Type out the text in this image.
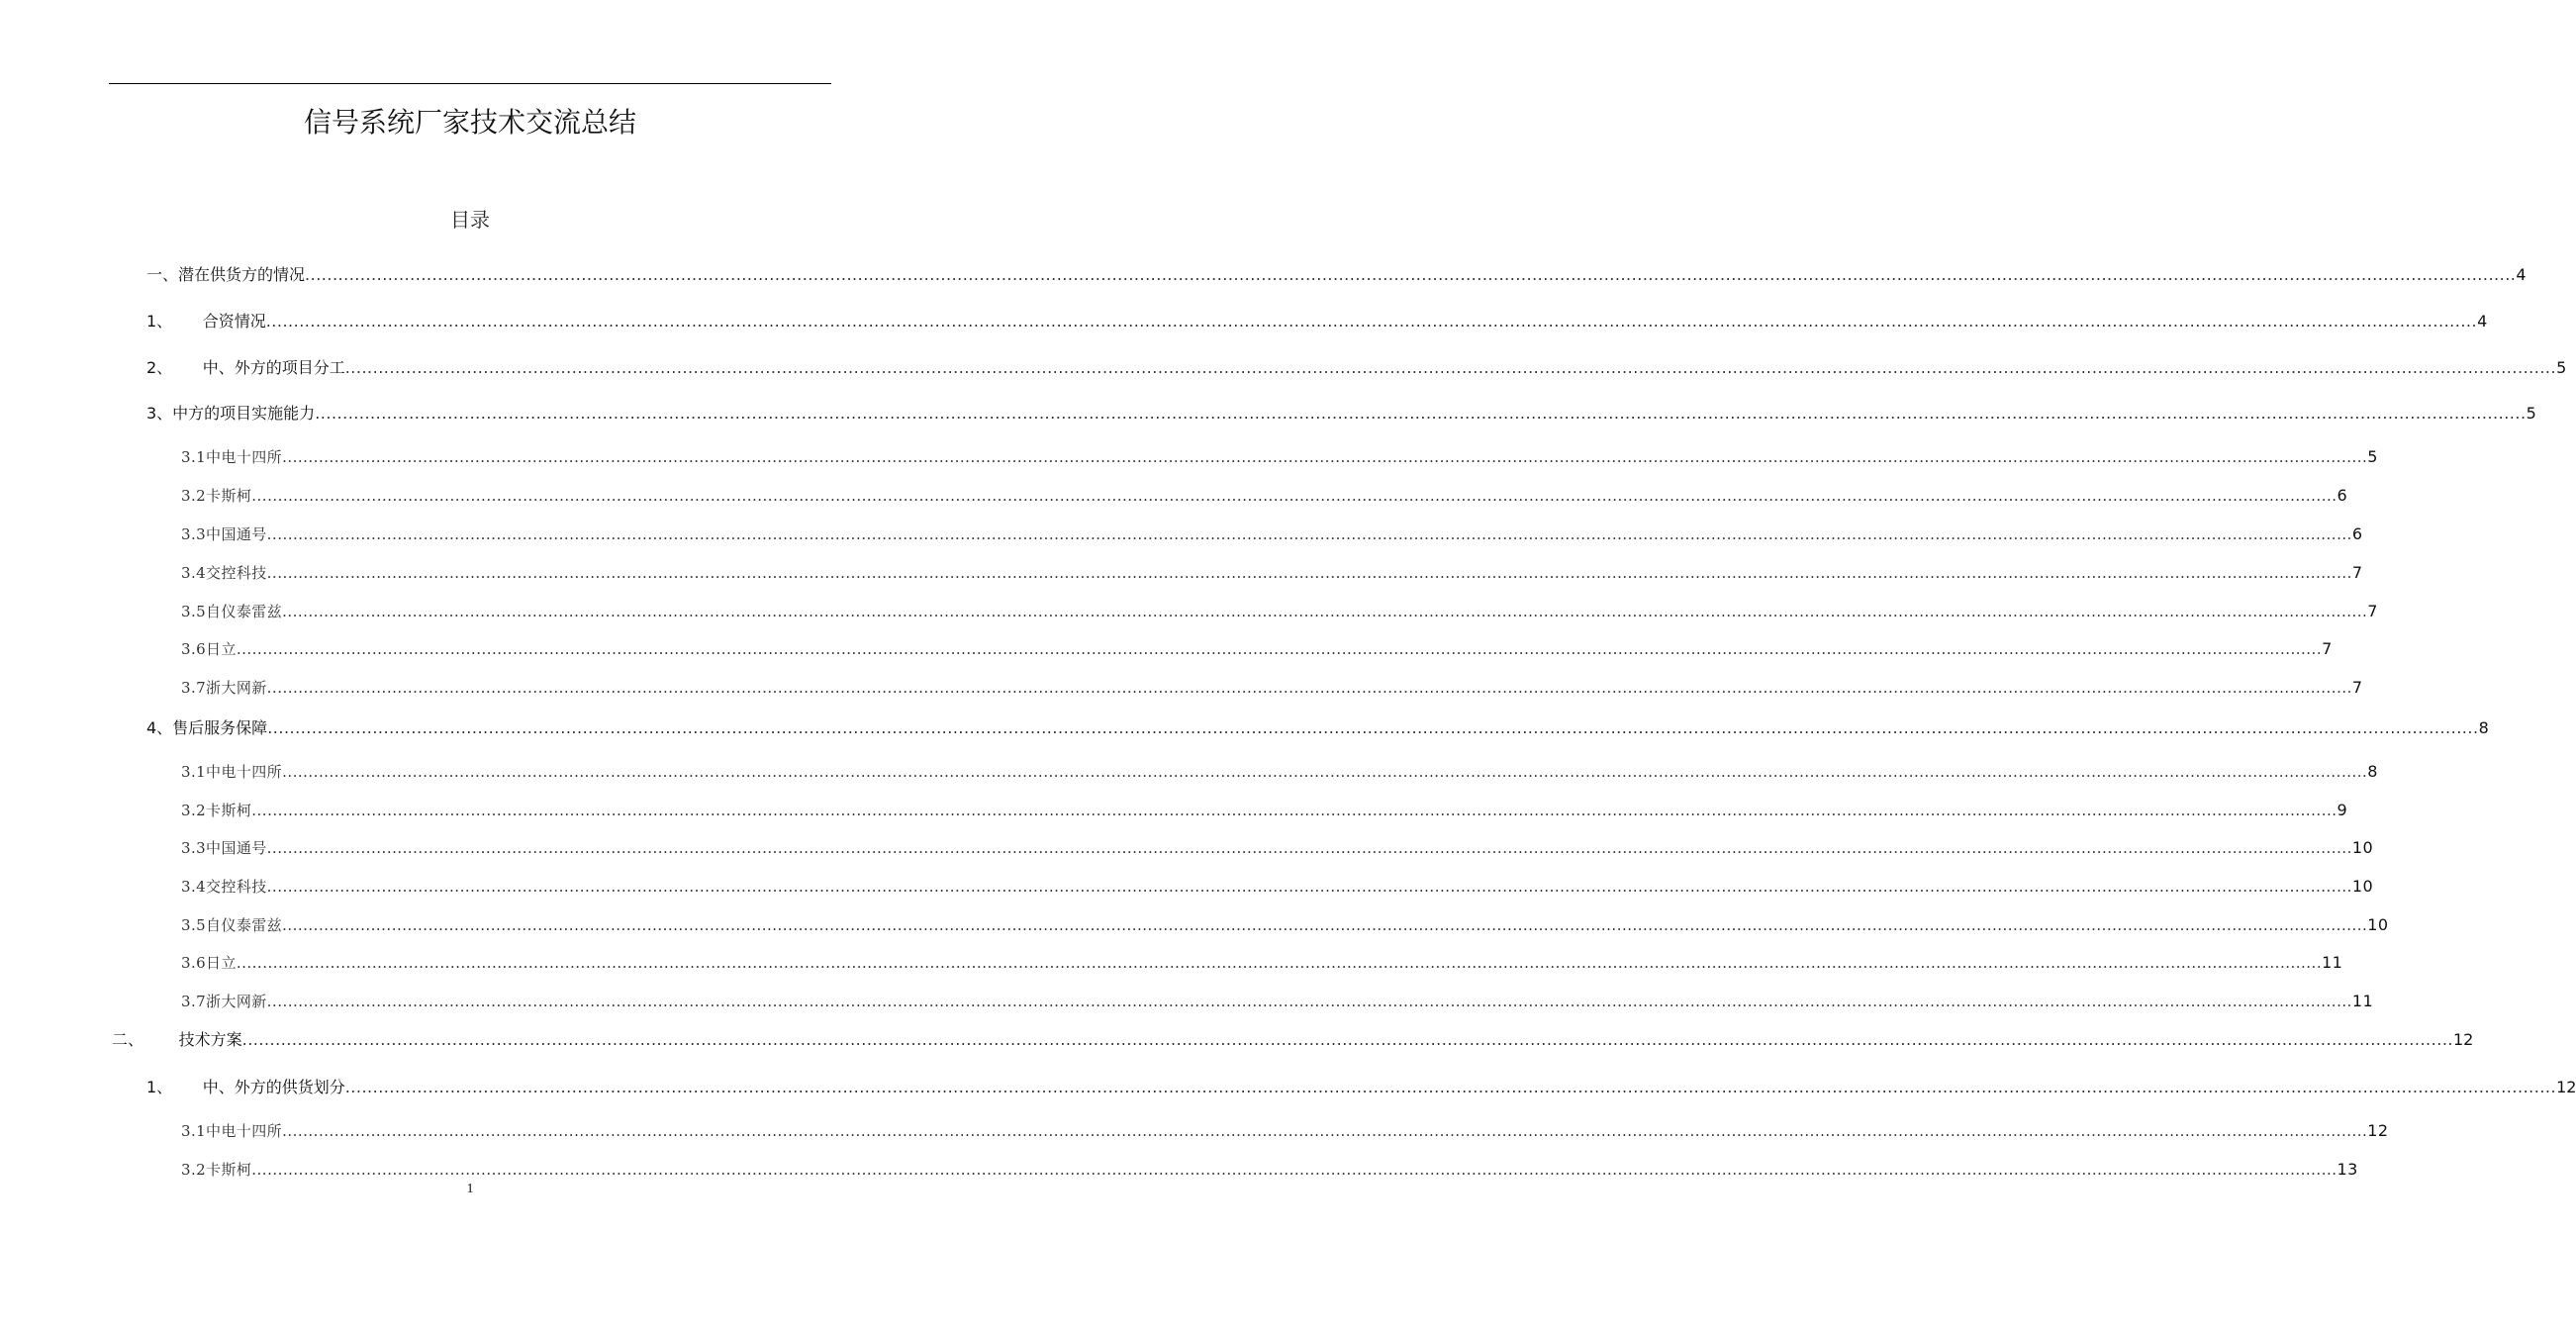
信号系统厂家技术交流总结
目录
一、潜在供货方的情况 ................................................................................................................................................................................................................................................................................................................................................................................................................ 4
1、      合资情况 ................................................................................................................................................................................................................................................................................................................................................................................................................ 4
2、      中、外方的项目分工 ................................................................................................................................................................................................................................................................................................................................................................................................................ 5
3、中方的项目实施能力 ................................................................................................................................................................................................................................................................................................................................................................................................................ 5
3.1中电十四所 ................................................................................................................................................................................................................................................................................................................................................................................................................ 5
3.2卡斯柯 ................................................................................................................................................................................................................................................................................................................................................................................................................ 6
3.3中国通号 ................................................................................................................................................................................................................................................................................................................................................................................................................ 6
3.4交控科技 ................................................................................................................................................................................................................................................................................................................................................................................................................ 7
3.5自仪泰雷兹 ................................................................................................................................................................................................................................................................................................................................................................................................................ 7
3.6日立 ................................................................................................................................................................................................................................................................................................................................................................................................................ 7
3.7浙大网新 ................................................................................................................................................................................................................................................................................................................................................................................................................ 7
4、售后服务保障 ................................................................................................................................................................................................................................................................................................................................................................................................................ 8
3.1中电十四所 ................................................................................................................................................................................................................................................................................................................................................................................................................ 8
3.2卡斯柯 ................................................................................................................................................................................................................................................................................................................................................................................................................ 9
3.3中国通号 ................................................................................................................................................................................................................................................................................................................................................................................................................ 10
3.4交控科技 ................................................................................................................................................................................................................................................................................................................................................................................................................ 10
3.5自仪泰雷兹 ................................................................................................................................................................................................................................................................................................................................................................................................................ 10
3.6日立 ................................................................................................................................................................................................................................................................................................................................................................................................................ 11
3.7浙大网新 ................................................................................................................................................................................................................................................................................................................................................................................................................ 11
二、       技术方案 ................................................................................................................................................................................................................................................................................................................................................................................................................ 12
1、      中、外方的供货划分 ................................................................................................................................................................................................................................................................................................................................................................................................................ 12
3.1中电十四所 ................................................................................................................................................................................................................................................................................................................................................................................................................ 12
3.2卡斯柯 ................................................................................................................................................................................................................................................................................................................................................................................................................ 13
1
